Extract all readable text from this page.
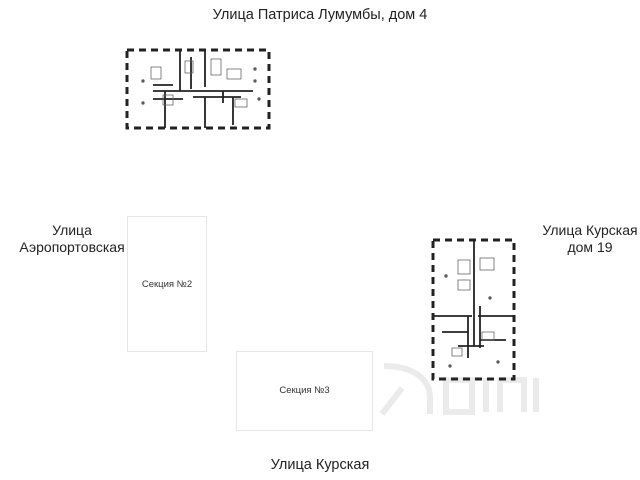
Улица Патриса Лумумбы, дом 4
Улица
Аэропортовская
Улица Курская
дом 19
Улица Курская
Секция №2
Секция №3
